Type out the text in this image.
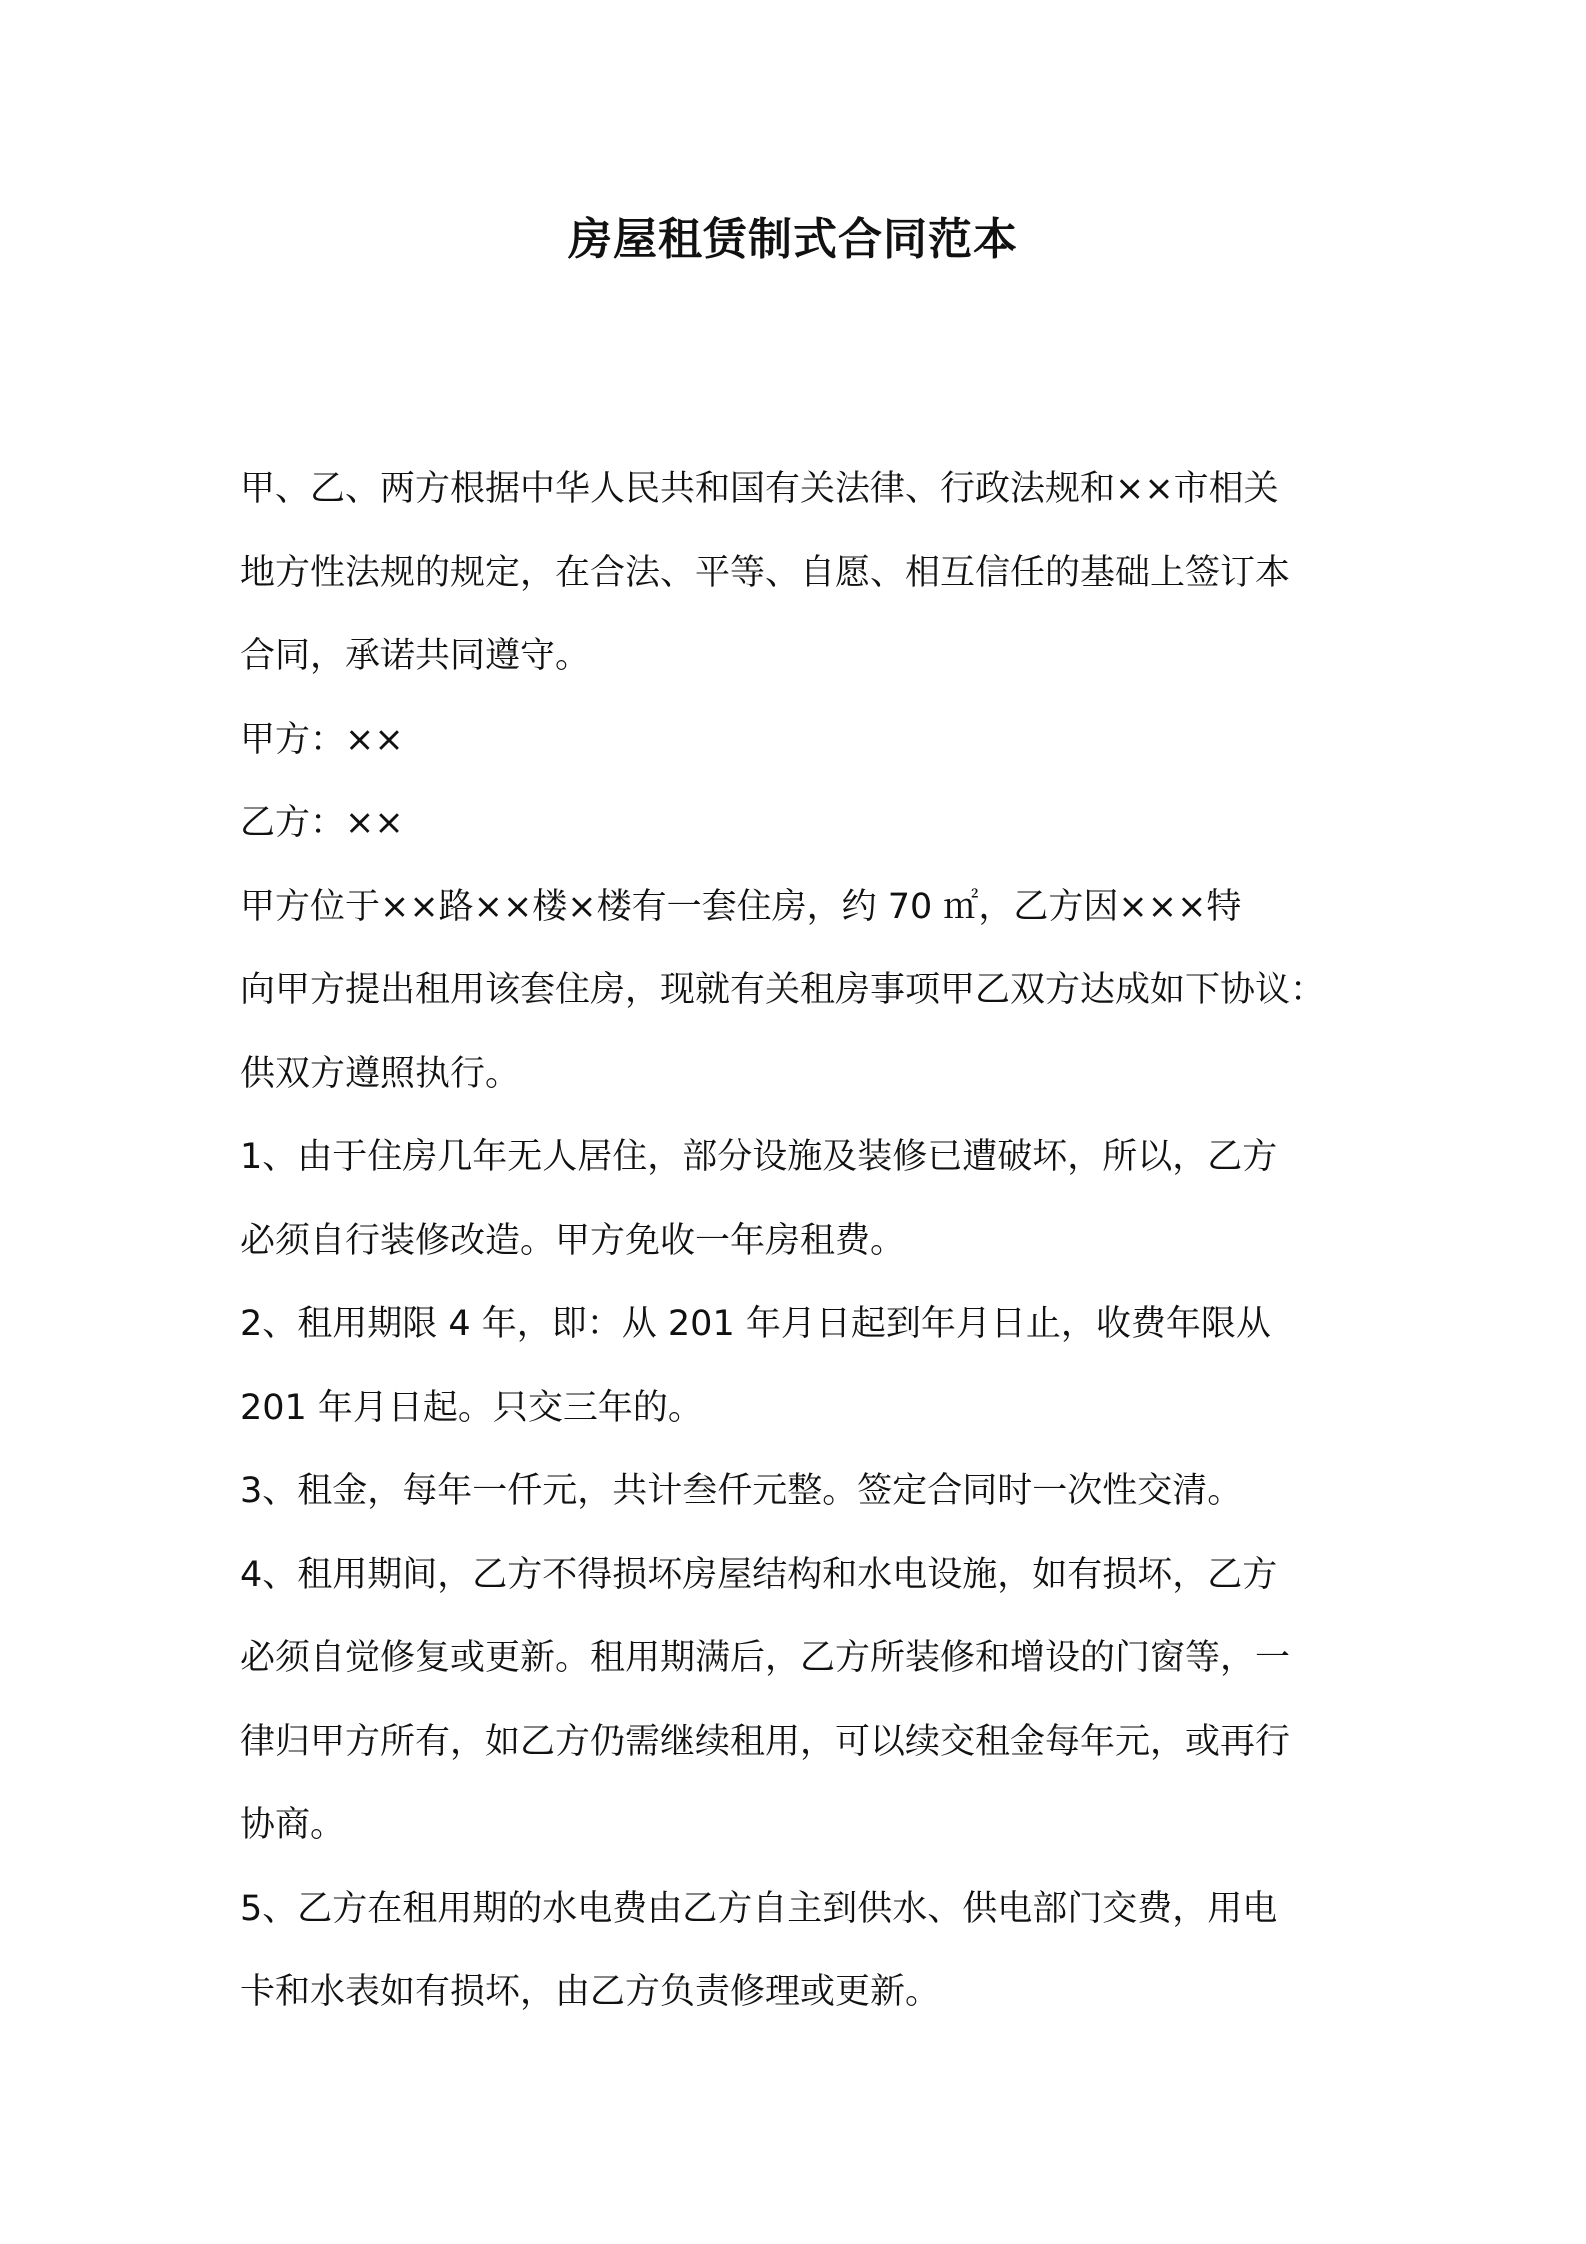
房屋租赁制式合同范本

甲、乙、两方根据中华人民共和国有关法律、行政法规和××市相关
地方性法规的规定，在合法、平等、自愿、相互信任的基础上签订本
合同，承诺共同遵守。

甲方：××

乙方：××

甲方位于××路××楼×楼有一套住房，约 70 ㎡，乙方因×××特
向甲方提出租用该套住房，现就有关租房事项甲乙双方达成如下协议：
供双方遵照执行。

1、由于住房几年无人居住，部分设施及装修已遭破坏，所以，乙方
必须自行装修改造。甲方免收一年房租费。

2、租用期限 4 年，即：从 201 年月日起到年月日止，收费年限从
201 年月日起。只交三年的。

3、租金，每年一仟元，共计叁仟元整。签定合同时一次性交清。

4、租用期间，乙方不得损坏房屋结构和水电设施，如有损坏，乙方
必须自觉修复或更新。租用期满后，乙方所装修和增设的门窗等，一
律归甲方所有，如乙方仍需继续租用，可以续交租金每年元，或再行
协商。

5、乙方在租用期的水电费由乙方自主到供水、供电部门交费，用电
卡和水表如有损坏，由乙方负责修理或更新。
